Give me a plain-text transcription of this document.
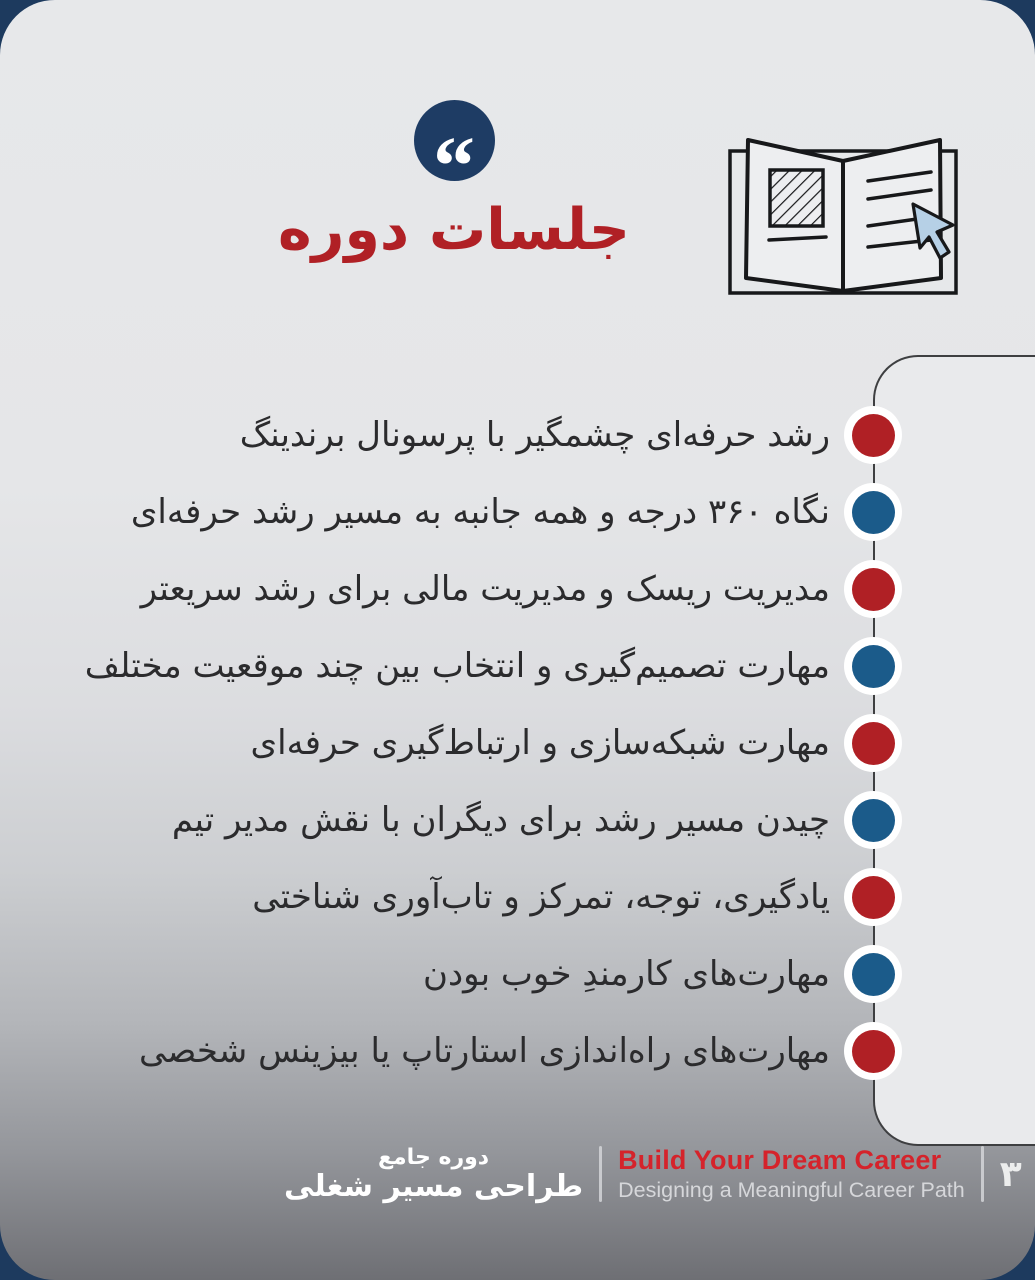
“
جلسات دوره
رشد حرفه‌ای چشمگیر با پرسونال برندینگ
نگاه ۳۶۰ درجه و همه جانبه به مسیر رشد حرفه‌ای
مدیریت ریسک و مدیریت مالی برای رشد سریعتر
مهارت تصمیم‌گیری و انتخاب بین چند موقعیت مختلف
مهارت شبکه‌سازی و ارتباط‌گیری حرفه‌ای
چیدن مسیر رشد برای دیگران با نقش مدیر تیم
یادگیری، توجه، تمرکز و تاب‌آوری شناختی
مهارت‌های کارمندِ خوب بودن
مهارت‌های راه‌اندازی استارتاپ یا بیزینس شخصی
دوره جامع
طراحی مسیر شغلی
Build Your Dream Career
Designing a Meaningful Career Path ۳
